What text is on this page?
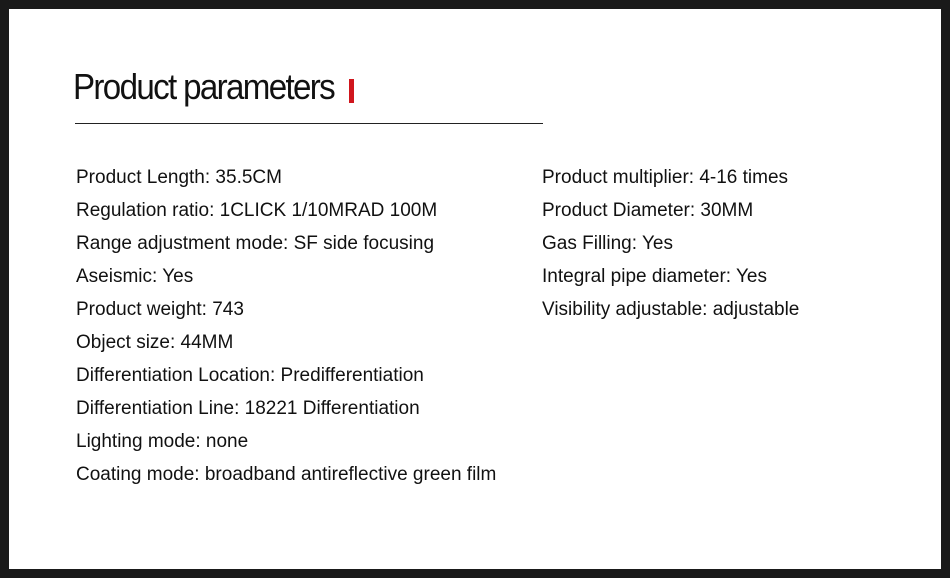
Product parameters
Product Length: 35.5CM
Regulation ratio: 1CLICK 1/10MRAD 100M
Range adjustment mode: SF side focusing
Aseismic: Yes
Product weight: 743
Object size: 44MM
Differentiation Location: Predifferentiation
Differentiation Line: 18221 Differentiation
Lighting mode: none
Coating mode: broadband antireflective green film
Product multiplier: 4-16 times
Product Diameter: 30MM
Gas Filling: Yes
Integral pipe diameter: Yes
Visibility adjustable: adjustable
